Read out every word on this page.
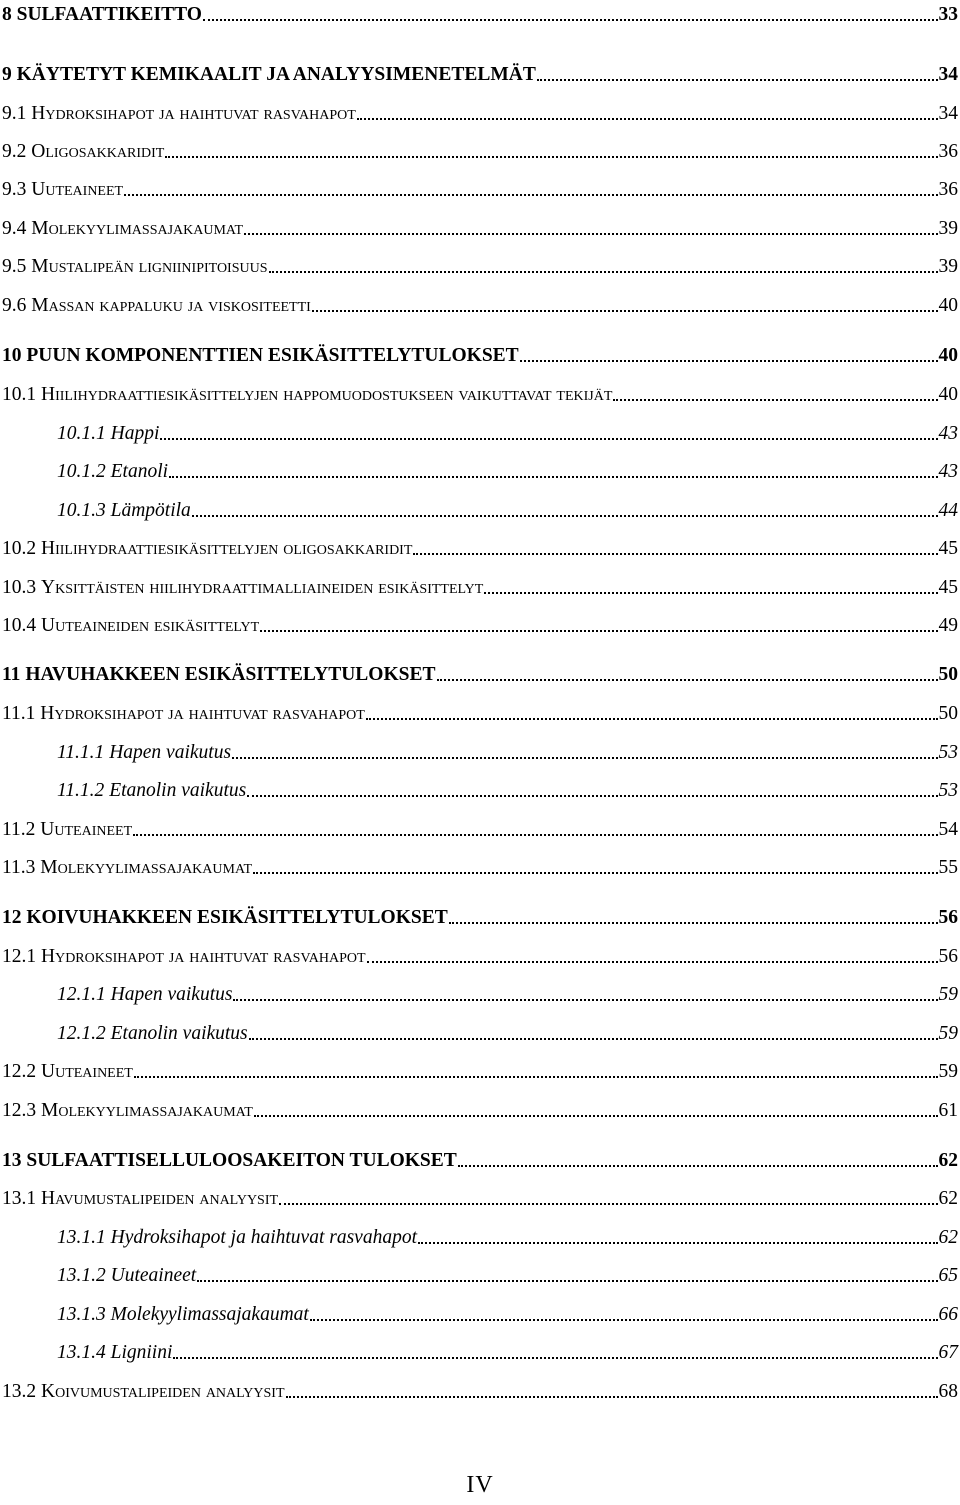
8 SULFAATTIKEITTO	33
9 KÄYTETYT KEMIKAALIT JA ANALYYSIMENETELMÄT	34
9.1 Hydroksihapot ja haihtuvat rasvahapot	34
9.2 Oligosakkaridit	36
9.3 Uuteaineet	36
9.4 Molekyylimassajakaumat	39
9.5 Mustalipeän ligniinipitoisuus	39
9.6 Massan kappaluku ja viskositeetti	40
10 PUUN KOMPONENTTIEN ESIKÄSITTELYTULOKSET	40
10.1 Hiilihydraattiesikäsittelyjen happomuodostukseen vaikuttavat tekijät	40
10.1.1 Happi	43
10.1.2 Etanoli	43
10.1.3 Lämpötila	44
10.2 Hiilihydraattiesikäsittelyjen oligosakkaridit	45
10.3 Yksittäisten hiilihydraattimalliaineiden esikäsittelyt	45
10.4 Uuteaineiden esikäsittelyt	49
11 HAVUHAKKEEN ESIKÄSITTELYTULOKSET	50
11.1 Hydroksihapot ja haihtuvat rasvahapot	50
11.1.1 Hapen vaikutus	53
11.1.2 Etanolin vaikutus	53
11.2 Uuteaineet	54
11.3 Molekyylimassajakaumat	55
12 KOIVUHAKKEEN ESIKÄSITTELYTULOKSET	56
12.1 Hydroksihapot ja haihtuvat rasvahapot	56
12.1.1 Hapen vaikutus	59
12.1.2 Etanolin vaikutus	59
12.2 Uuteaineet	59
12.3 Molekyylimassajakaumat	61
13 SULFAATTISELLULOOSAKEITON TULOKSET	62
13.1 Havumustalipeiden analyysit	62
13.1.1 Hydroksihapot ja haihtuvat rasvahapot	62
13.1.2 Uuteaineet	65
13.1.3 Molekyylimassajakaumat	66
13.1.4 Ligniini	67
13.2 Koivumustalipeiden analyysit	68
IV
